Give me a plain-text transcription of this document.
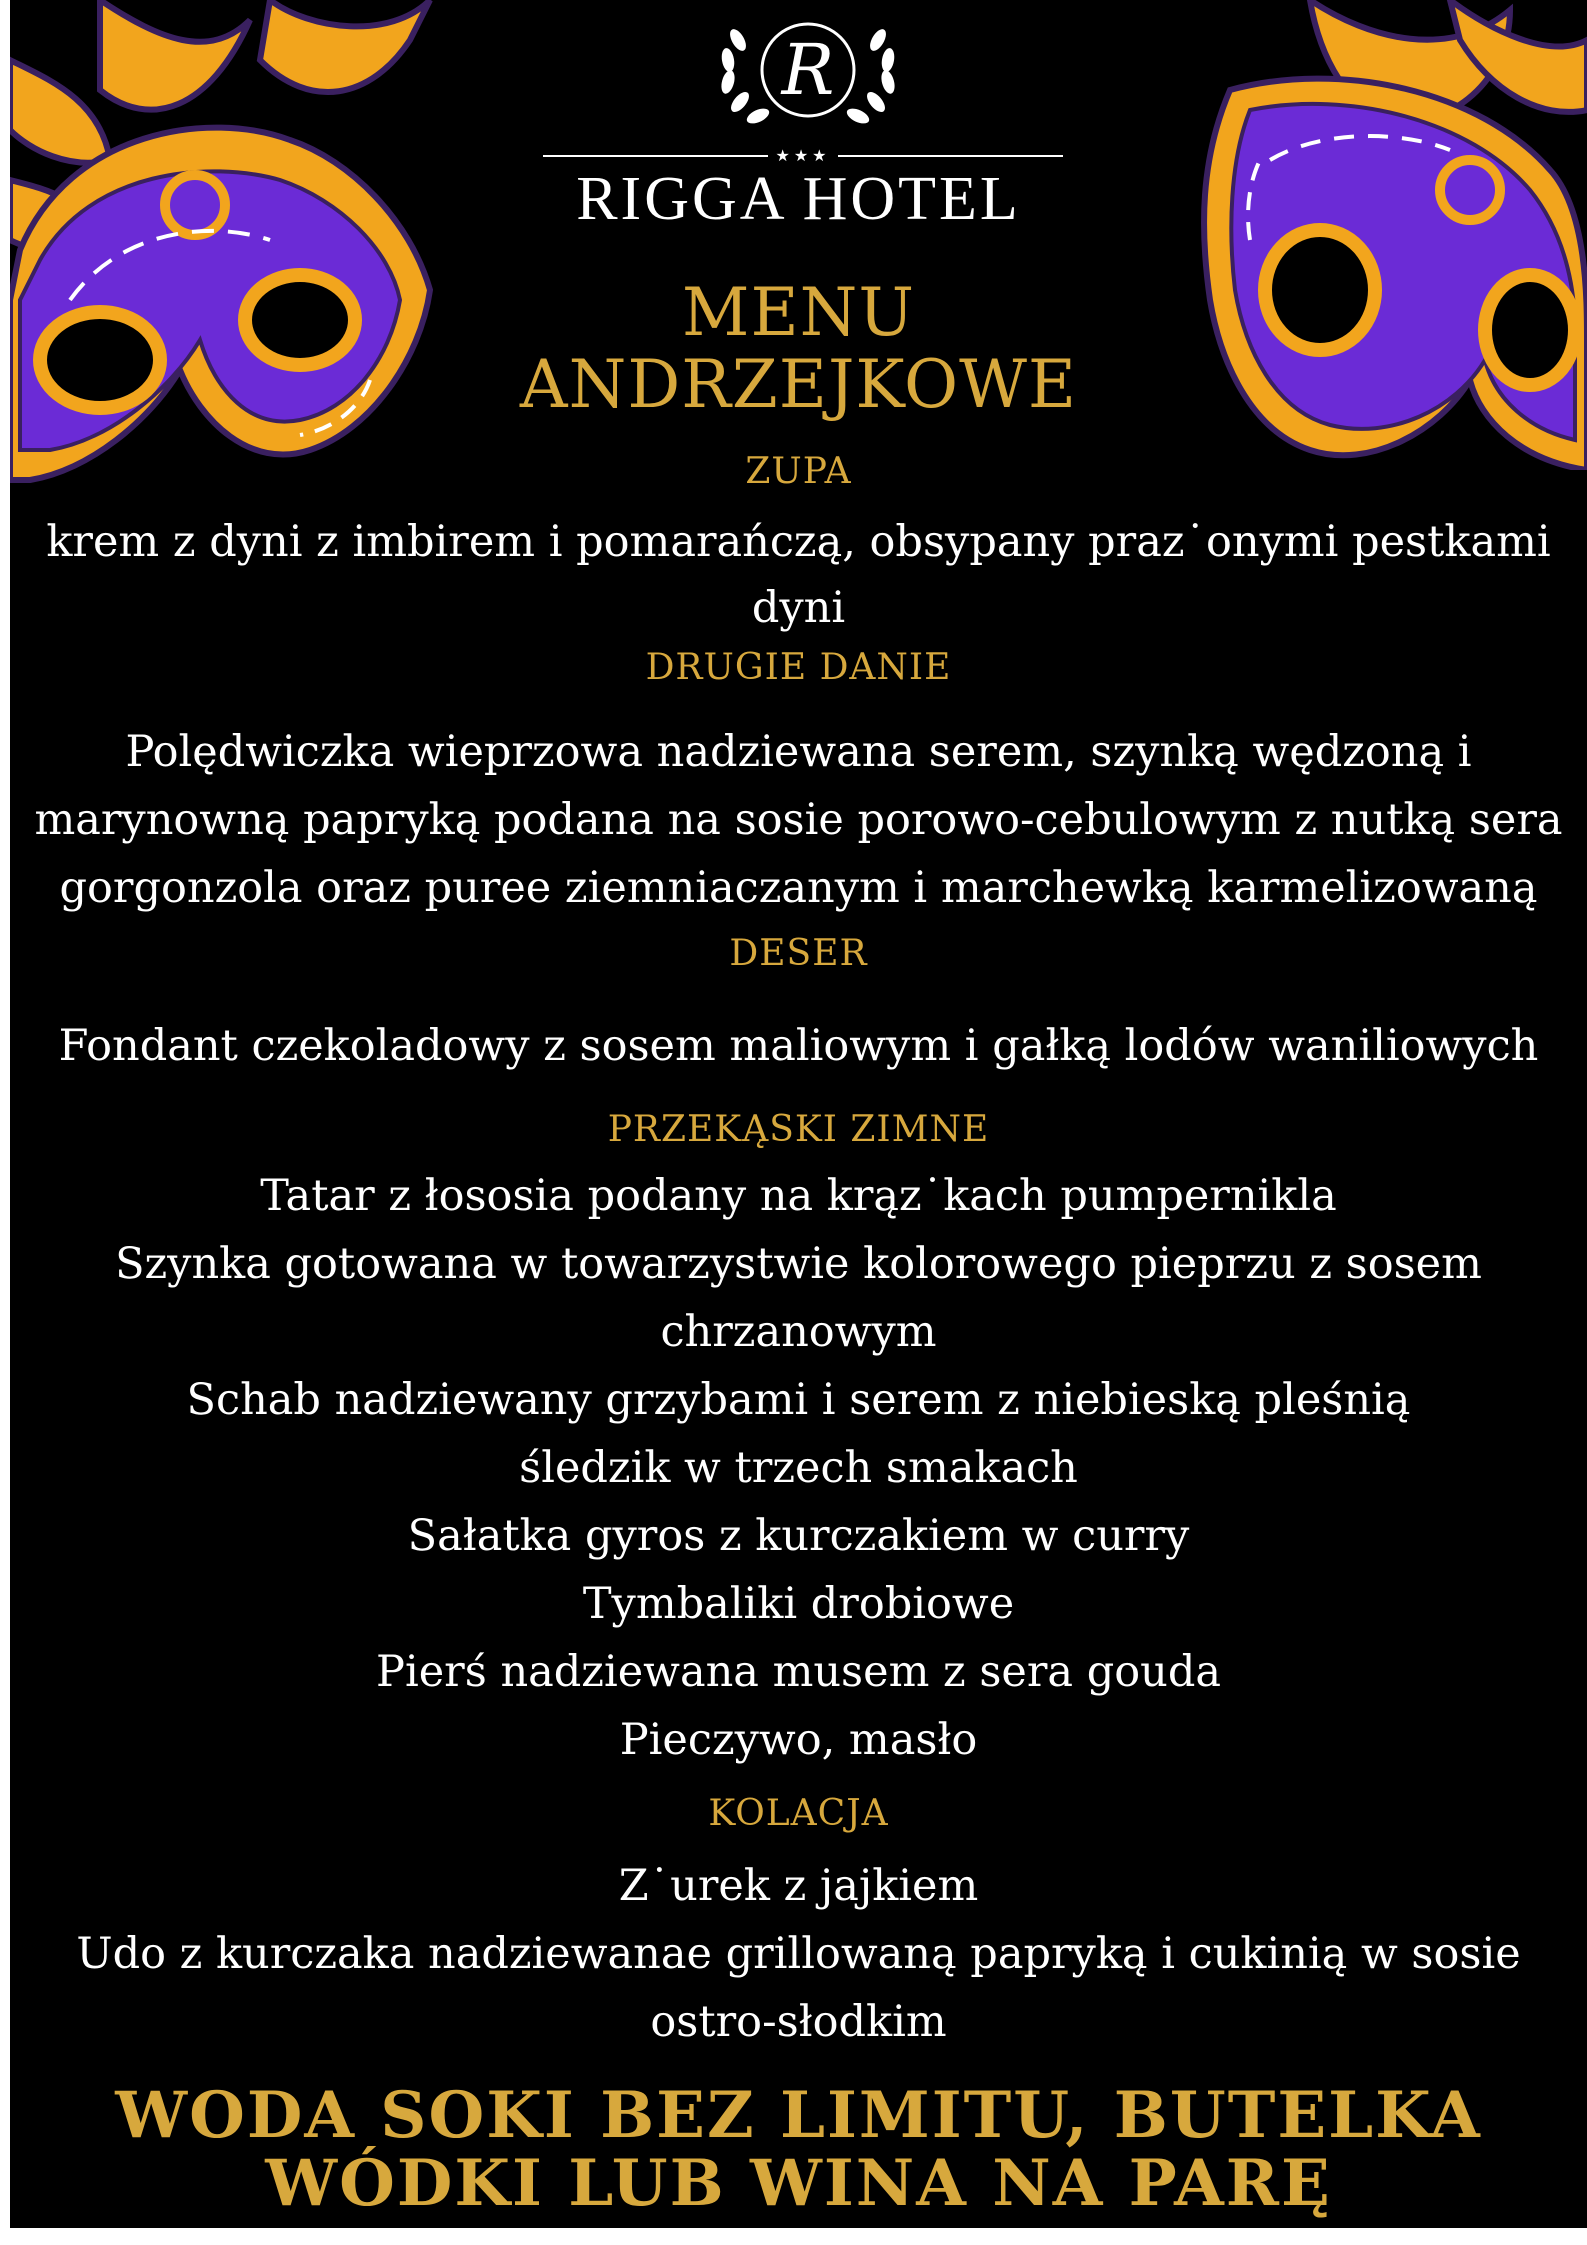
R
★★★
RIGGA HOTEL
MENU
ANDRZEJKOWE
ZUPA
krem z dyni z imbirem i pomarańczą, obsypany praz˙onymi pestkami
dyni
DRUGIE DANIE
Polędwiczka wieprzowa nadziewana serem, szynką wędzoną i
marynowną papryką podana na sosie porowo-cebulowym z nutką sera
gorgonzola oraz puree ziemniaczanym i marchewką karmelizowaną
DESER
Fondant czekoladowy z sosem maliowym i gałką lodów waniliowych
PRZEKĄSKI ZIMNE
Tatar z łososia podany na krąz˙kach pumpernikla
Szynka gotowana w towarzystwie kolorowego pieprzu z sosem
chrzanowym
Schab nadziewany grzybami i serem z niebieską pleśnią
śledzik w trzech smakach
Sałatka gyros z kurczakiem w curry
Tymbaliki drobiowe
Pierś nadziewana musem z sera gouda
Pieczywo, masło
KOLACJA
Z˙urek z jajkiem
Udo z kurczaka nadziewanae grillowaną papryką i cukinią w sosie
ostro-słodkim
WODA SOKI BEZ LIMITU, BUTELKA
WÓDKI LUB WINA NA PARĘ
